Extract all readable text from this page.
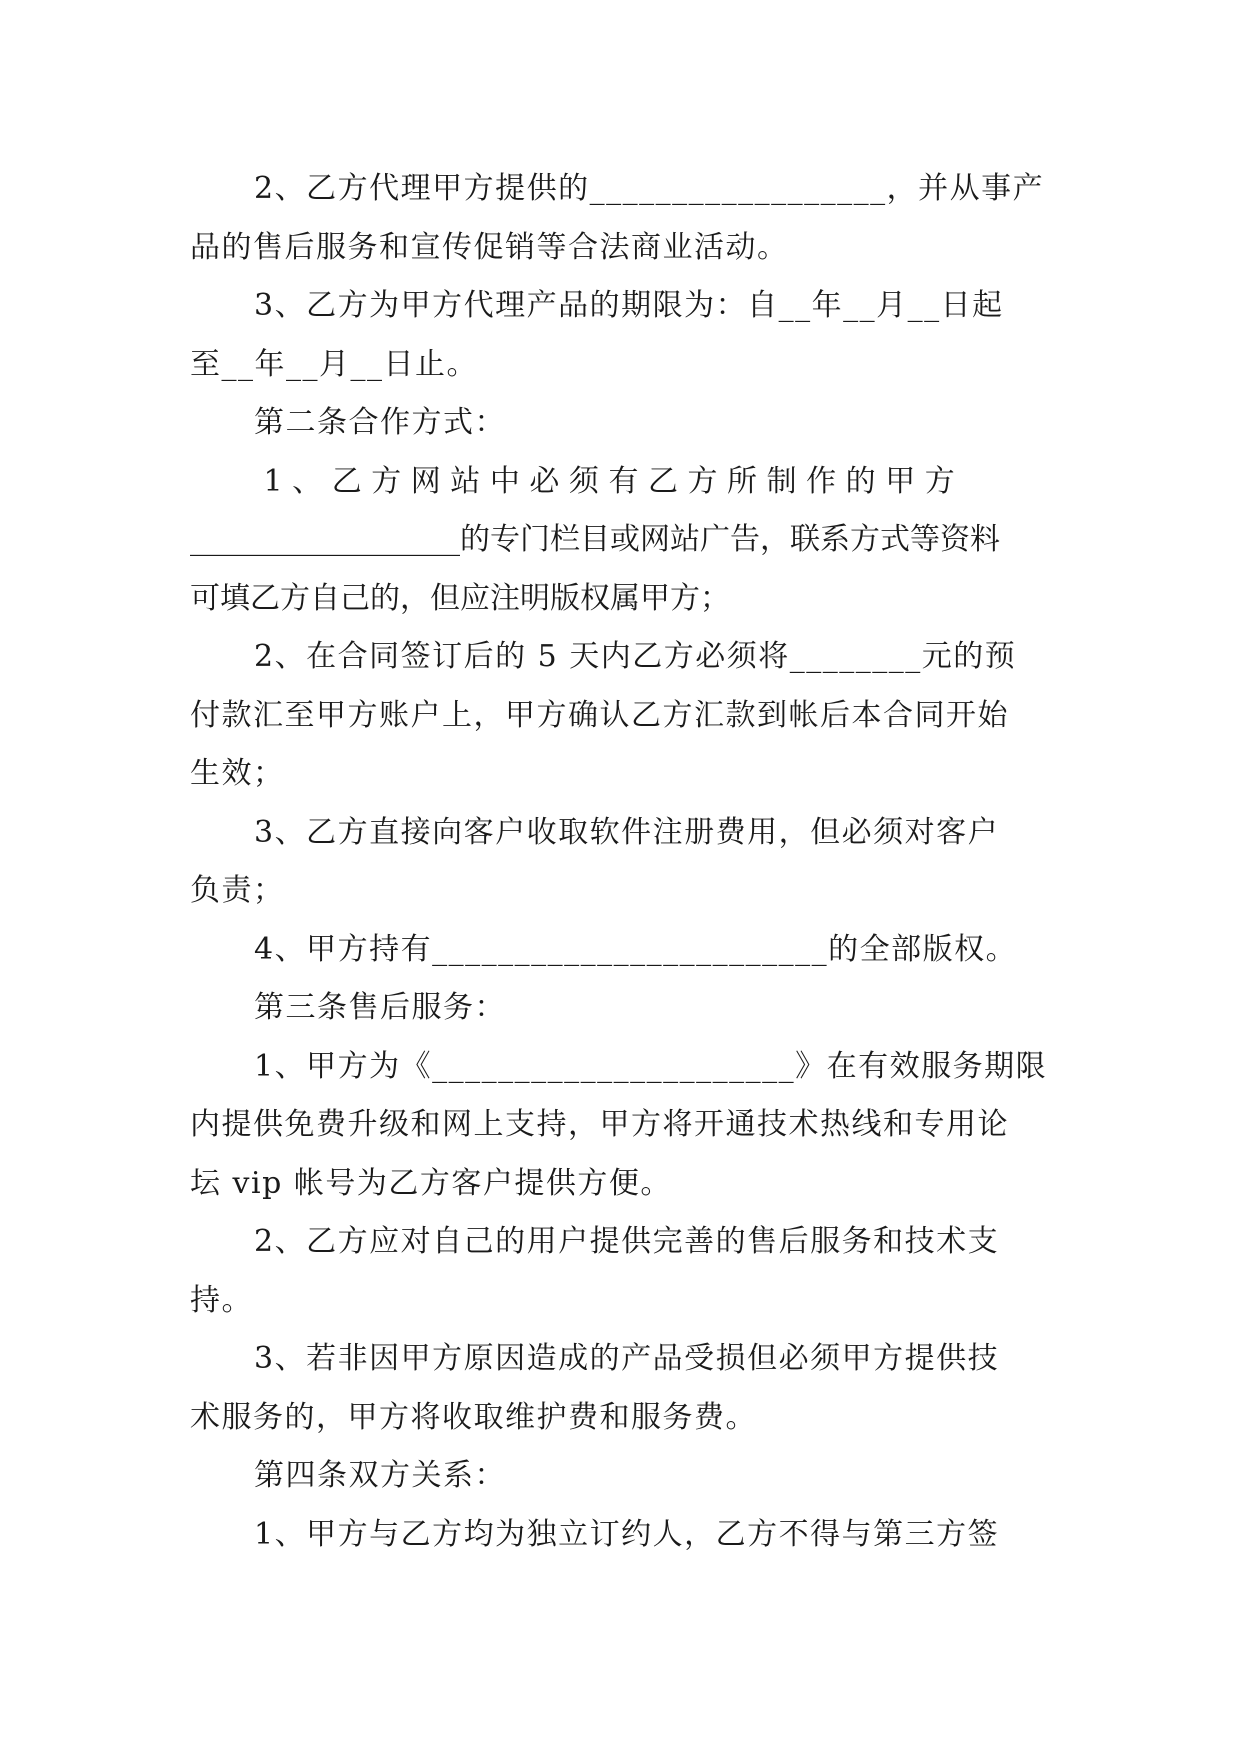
2、乙方代理甲方提供的__________________，并从事产
品的售后服务和宣传促销等合法商业活动。
3、乙方为甲方代理产品的期限为：自__年__月__日起
至__年__月__日止。
第二条合作方式：
1 、 乙 方 网 站 中 必 须 有 乙 方 所 制 作 的 甲 方
__________________的专门栏目或网站广告，联系方式等资料
可填乙方自己的，但应注明版权属甲方；
2、在合同签订后的 5 天内乙方必须将________元的预
付款汇至甲方账户上，甲方确认乙方汇款到帐后本合同开始
生效；
3、乙方直接向客户收取软件注册费用，但必须对客户
负责；
4、甲方持有________________________的全部版权。
第三条售后服务：
1、甲方为《______________________》在有效服务期限
内提供免费升级和网上支持，甲方将开通技术热线和专用论
坛 vip 帐号为乙方客户提供方便。
2、乙方应对自己的用户提供完善的售后服务和技术支
持。
3、若非因甲方原因造成的产品受损但必须甲方提供技
术服务的，甲方将收取维护费和服务费。
第四条双方关系：
1、甲方与乙方均为独立订约人，乙方不得与第三方签
